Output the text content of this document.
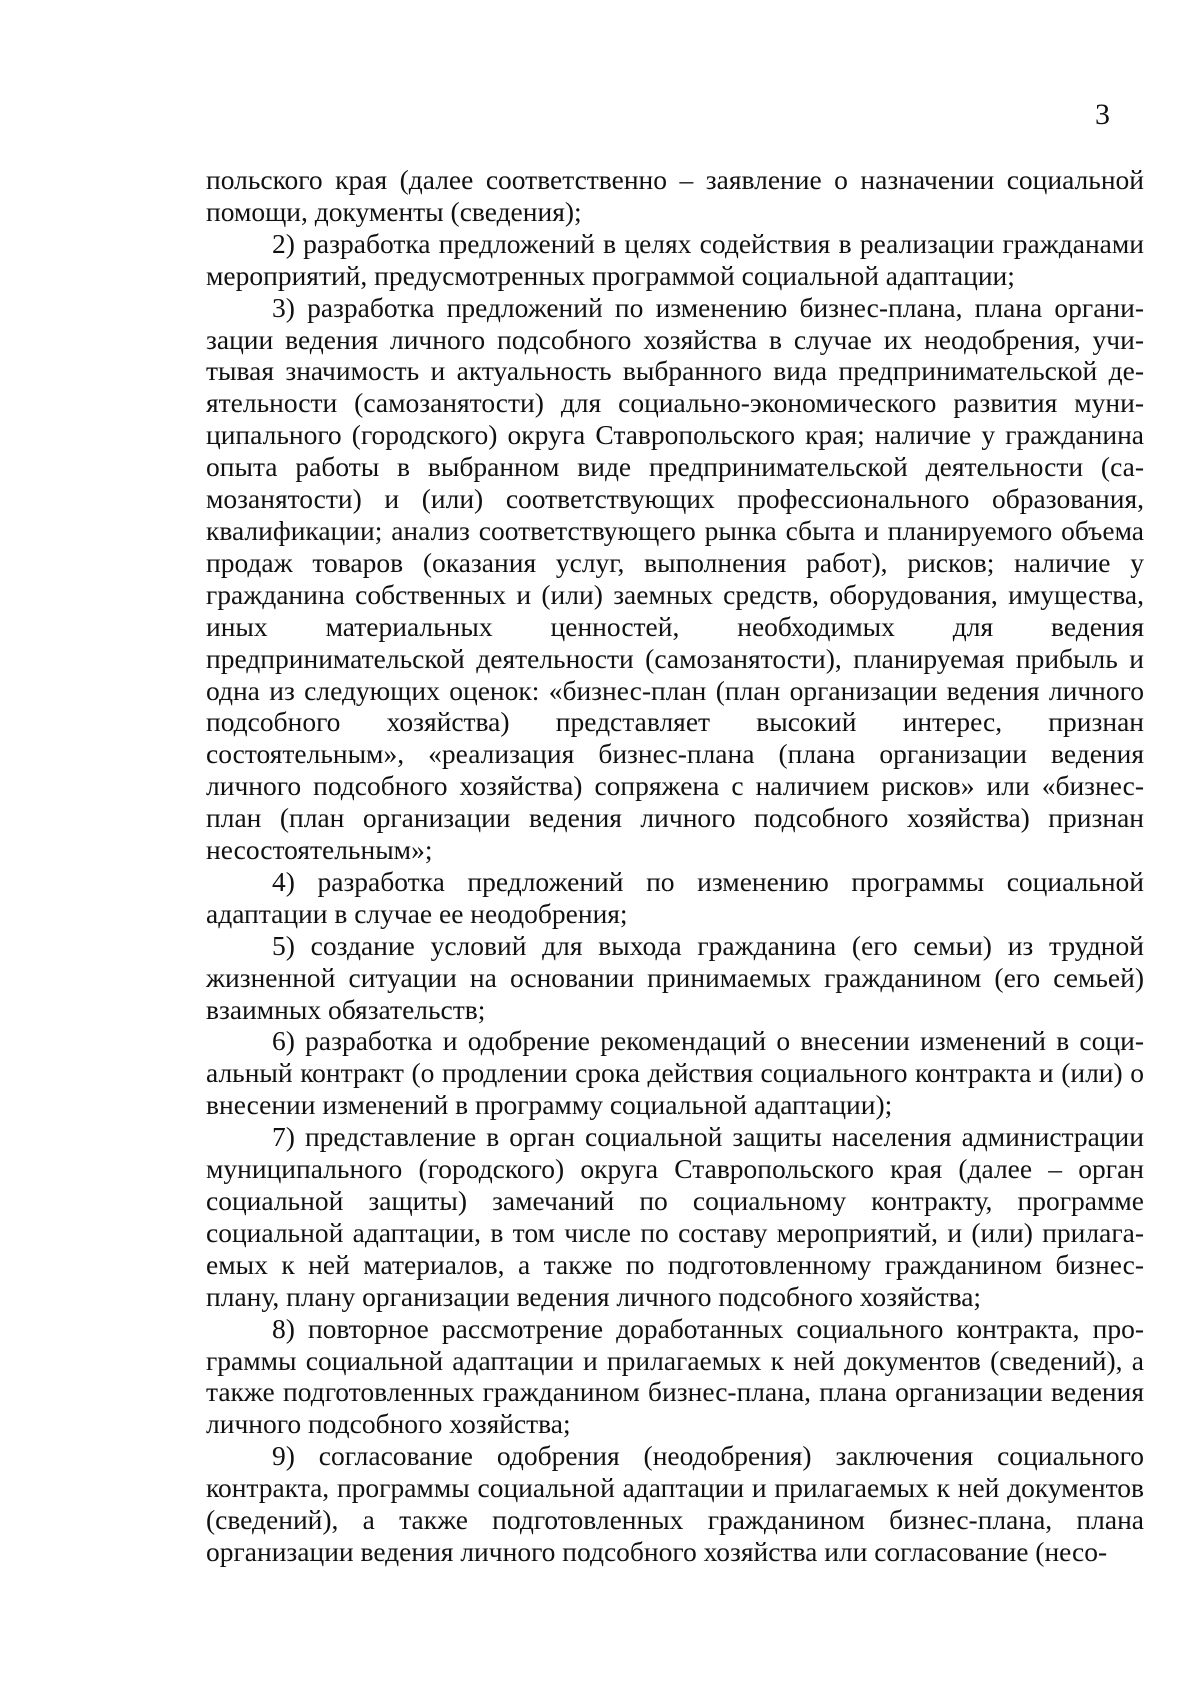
3

польского края (далее соответственно – заявление о назначении социальной помощи, документы (сведения);

2) разработка предложений в целях содействия в реализации гражданами мероприятий, предусмотренных программой социальной адаптации;

3) разработка предложений по изменению бизнес-плана, плана организации ведения личного подсобного хозяйства в случае их неодобрения, учитывая значимость и актуальность выбранного вида предпринимательской деятельности (самозанятости) для социально-экономического развития муниципального (городского) округа Ставропольского края; наличие у гражданина опыта работы в выбранном виде предпринимательской деятельности (самозанятости) и (или) соответствующих профессионального образования, квалификации; анализ соответствующего рынка сбыта и планируемого объема продаж товаров (оказания услуг, выполнения работ), рисков; наличие у гражданина собственных и (или) заемных средств, оборудования, имущества, иных материальных ценностей, необходимых для ведения предпринимательской деятельности (самозанятости), планируемая прибыль и одна из следующих оценок: «бизнес-план (план организации ведения личного подсобного хозяйства) представляет высокий интерес, признан состоятельным», «реализация бизнес-плана (плана организации ведения личного подсобного хозяйства) сопряжена с наличием рисков» или «бизнес-план (план организации ведения личного подсобного хозяйства) признан несостоятельным»;

4) разработка предложений по изменению программы социальной адаптации в случае ее неодобрения;

5) создание условий для выхода гражданина (его семьи) из трудной жизненной ситуации на основании принимаемых гражданином (его семьей) взаимных обязательств;

6) разработка и одобрение рекомендаций о внесении изменений в социальный контракт (о продлении срока действия социального контракта и (или) о внесении изменений в программу социальной адаптации);

7) представление в орган социальной защиты населения администрации муниципального (городского) округа Ставропольского края (далее – орган социальной защиты) замечаний по социальному контракту, программе социальной адаптации, в том числе по составу мероприятий, и (или) прилагаемых к ней материалов, а также по подготовленному гражданином бизнес-плану, плану организации ведения личного подсобного хозяйства;

8) повторное рассмотрение доработанных социального контракта, программы социальной адаптации и прилагаемых к ней документов (сведений), а также подготовленных гражданином бизнес-плана, плана организации ведения личного подсобного хозяйства;

9) согласование одобрения (неодобрения) заключения социального контракта, программы социальной адаптации и прилагаемых к ней документов (сведений), а также подготовленных гражданином бизнес-плана, плана организации ведения личного подсобного хозяйства или согласование (несо-
